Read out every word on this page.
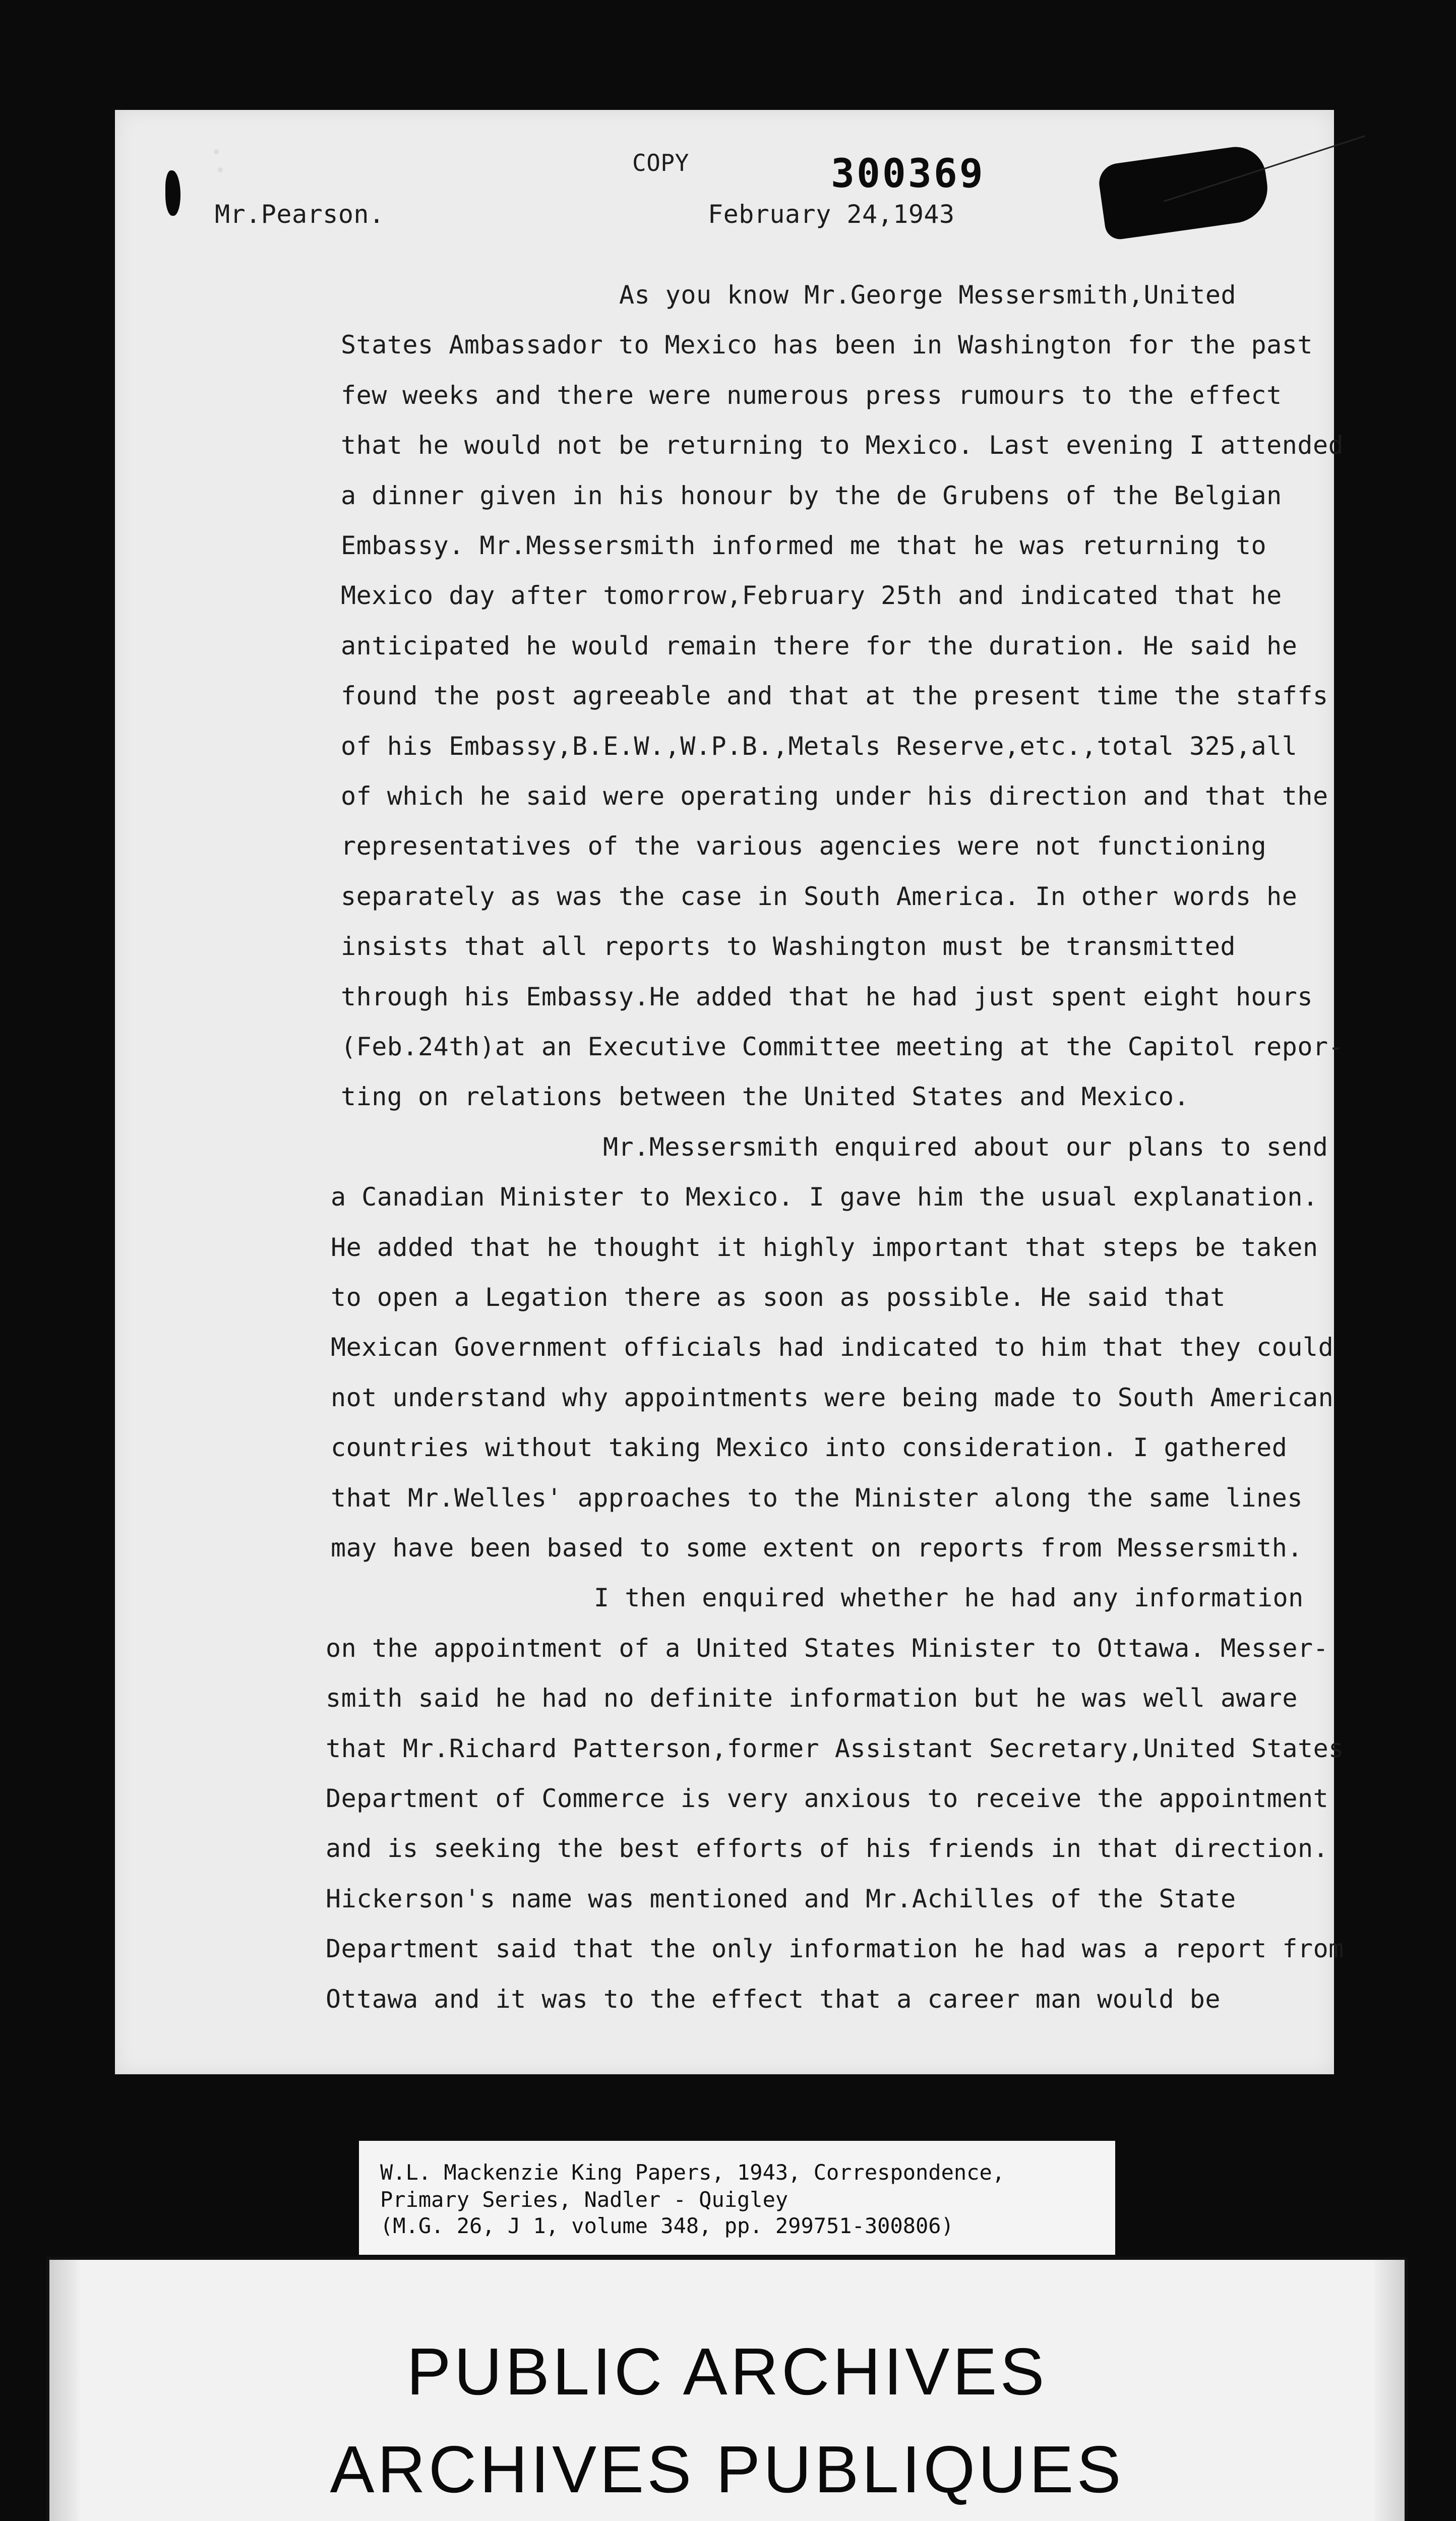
COPY	300369
Mr.Pearson.	February 24,1943
As you know Mr.George Messersmith,United
States Ambassador to Mexico has been in Washington for the past
few weeks and there were numerous press rumours to the effect
that he would not be returning to Mexico. Last evening I attended
a dinner given in his honour by the de Grubens of the Belgian
Embassy. Mr.Messersmith informed me that he was returning to
Mexico day after tomorrow,February 25th and indicated that he
anticipated he would remain there for the duration. He said he
found the post agreeable and that at the present time the staffs
of his Embassy,B.E.W.,W.P.B.,Metals Reserve,etc.,total 325,all
of which he said were operating under his direction and that the
representatives of the various agencies were not functioning
separately as was the case in South America. In other words he
insists that all reports to Washington must be transmitted
through his Embassy.He added that he had just spent eight hours
(Feb.24th)at an Executive Committee meeting at the Capitol repor-
ting on relations between the United States and Mexico.
Mr.Messersmith enquired about our plans to send
a Canadian Minister to Mexico. I gave him the usual explanation.
He added that he thought it highly important that steps be taken
to open a Legation there as soon as possible. He said that
Mexican Government officials had indicated to him that they could
not understand why appointments were being made to South American
countries without taking Mexico into consideration. I gathered
that Mr.Welles' approaches to the Minister along the same lines
may have been based to some extent on reports from Messersmith.
I then enquired whether he had any information
on the appointment of a United States Minister to Ottawa. Messer-
smith said he had no definite information but he was well aware
that Mr.Richard Patterson,former Assistant Secretary,United States
Department of Commerce is very anxious to receive the appointment
and is seeking the best efforts of his friends in that direction.
Hickerson's name was mentioned and Mr.Achilles of the State
Department said that the only information he had was a report from
Ottawa and it was to the effect that a career man would be
W.L. Mackenzie King Papers, 1943, Correspondence,
Primary Series, Nadler - Quigley
(M.G. 26, J 1, volume 348, pp. 299751-300806)
PUBLIC ARCHIVES
ARCHIVES PUBLIQUES
